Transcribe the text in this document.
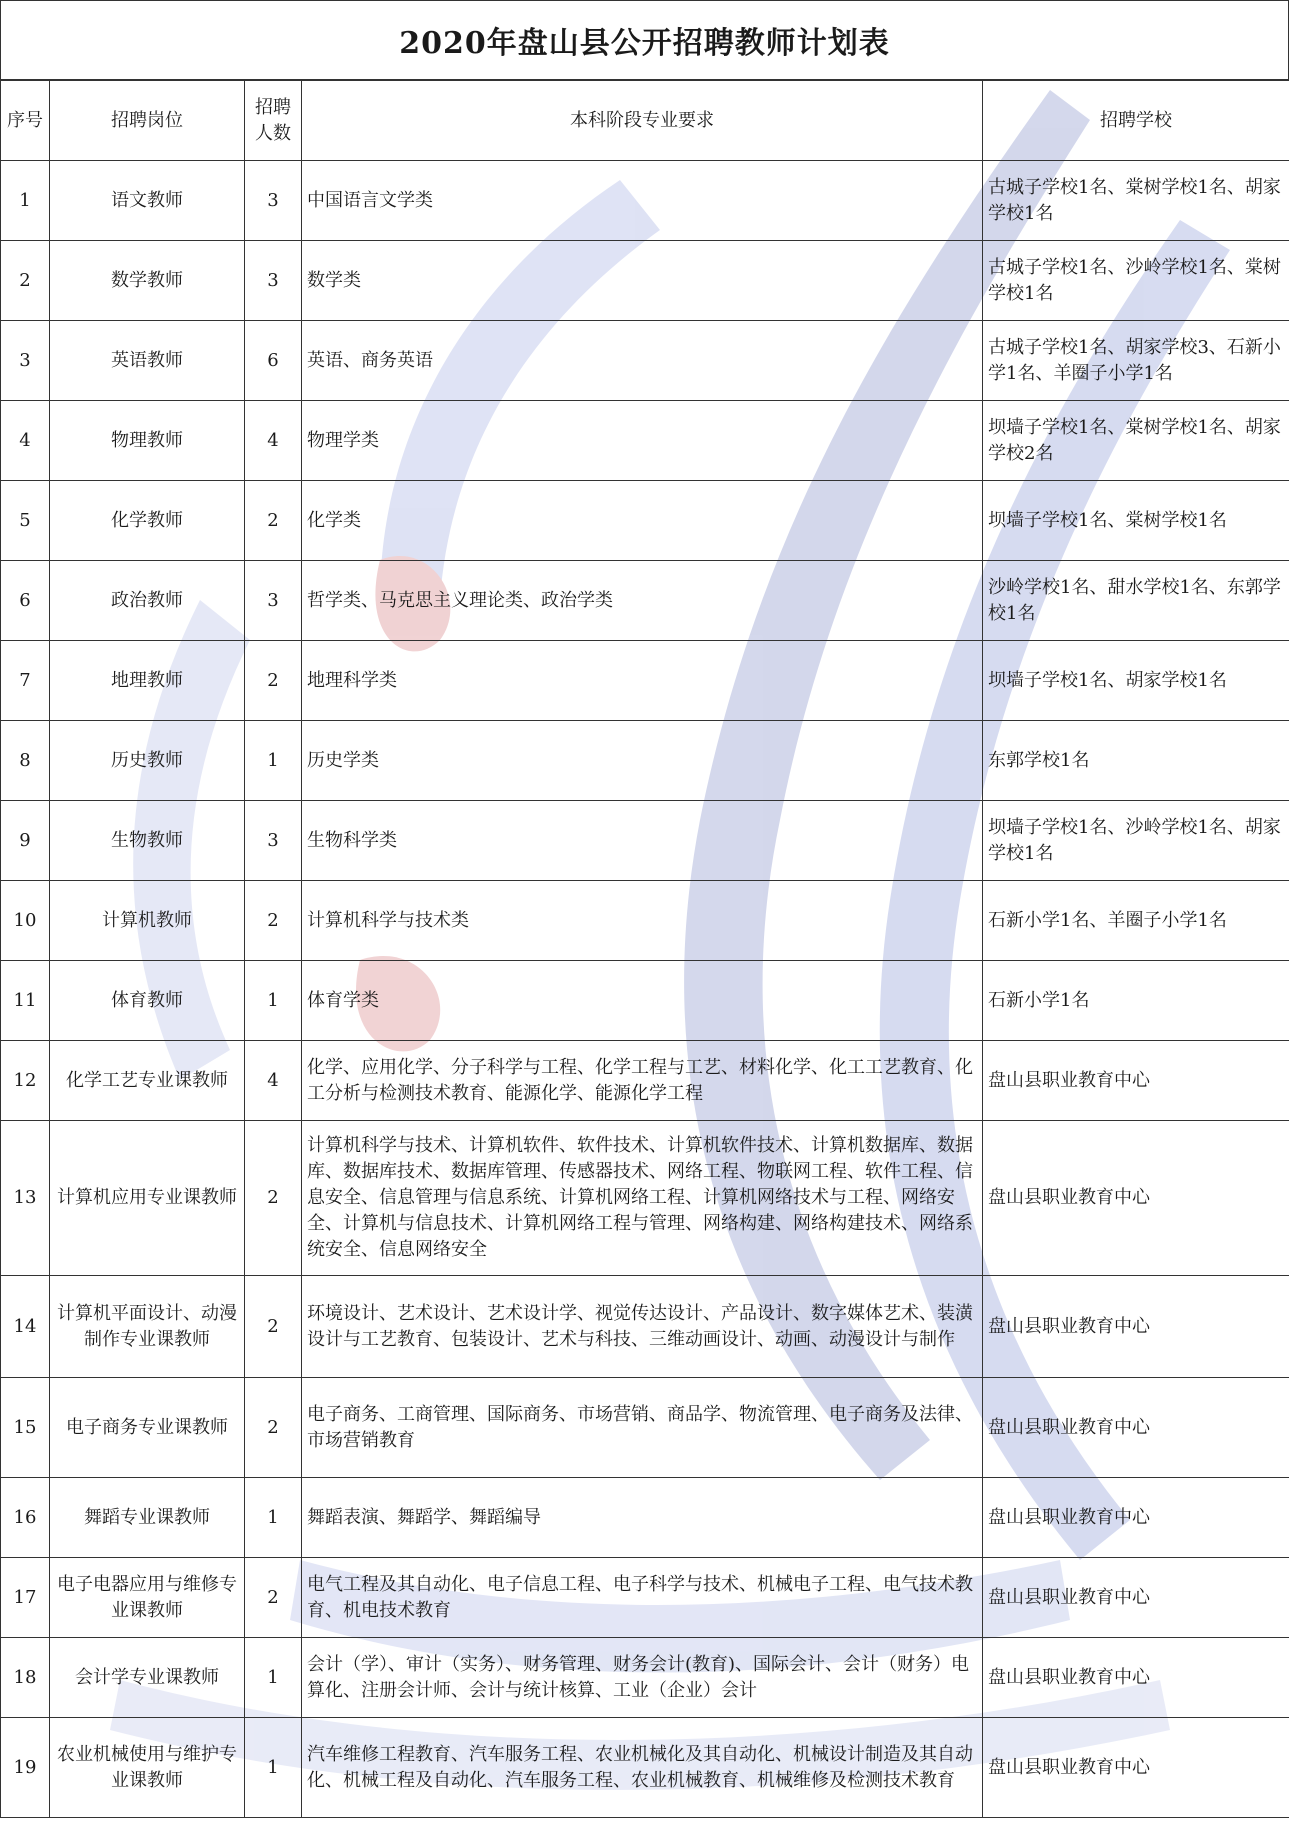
2020年盘山县公开招聘教师计划表
序号	招聘岗位	招聘人数	本科阶段专业要求	招聘学校
1	语文教师	3	中国语言文学类	古城子学校1名、棠树学校1名、胡家学校1名
2	数学教师	3	数学类	古城子学校1名、沙岭学校1名、棠树学校1名
3	英语教师	6	英语、商务英语	古城子学校1名、胡家学校3、石新小学1名、羊圈子小学1名
4	物理教师	4	物理学类	坝墙子学校1名、棠树学校1名、胡家学校2名
5	化学教师	2	化学类	坝墙子学校1名、棠树学校1名
6	政治教师	3	哲学类、马克思主义理论类、政治学类	沙岭学校1名、甜水学校1名、东郭学校1名
7	地理教师	2	地理科学类	坝墙子学校1名、胡家学校1名
8	历史教师	1	历史学类	东郭学校1名
9	生物教师	3	生物科学类	坝墙子学校1名、沙岭学校1名、胡家学校1名
10	计算机教师	2	计算机科学与技术类	石新小学1名、羊圈子小学1名
11	体育教师	1	体育学类	石新小学1名
12	化学工艺专业课教师	4	化学、应用化学、分子科学与工程、化学工程与工艺、材料化学、化工工艺教育、化工分析与检测技术教育、能源化学、能源化学工程	盘山县职业教育中心
13	计算机应用专业课教师	2	计算机科学与技术、计算机软件、软件技术、计算机软件技术、计算机数据库、数据库、数据库技术、数据库管理、传感器技术、网络工程、物联网工程、软件工程、信息安全、信息管理与信息系统、计算机网络工程、计算机网络技术与工程、网络安全、计算机与信息技术、计算机网络工程与管理、网络构建、网络构建技术、网络系统安全、信息网络安全	盘山县职业教育中心
14	计算机平面设计、动漫制作专业课教师	2	环境设计、艺术设计、艺术设计学、视觉传达设计、产品设计、数字媒体艺术、装潢设计与工艺教育、包装设计、艺术与科技、三维动画设计、动画、动漫设计与制作	盘山县职业教育中心
15	电子商务专业课教师	2	电子商务、工商管理、国际商务、市场营销、商品学、物流管理、电子商务及法律、市场营销教育	盘山县职业教育中心
16	舞蹈专业课教师	1	舞蹈表演、舞蹈学、舞蹈编导	盘山县职业教育中心
17	电子电器应用与维修专业课教师	2	电气工程及其自动化、电子信息工程、电子科学与技术、机械电子工程、电气技术教育、机电技术教育	盘山县职业教育中心
18	会计学专业课教师	1	会计（学）、审计（实务）、财务管理、财务会计(教育)、国际会计、会计（财务）电算化、注册会计师、会计与统计核算、工业（企业）会计	盘山县职业教育中心
19	农业机械使用与维护专业课教师	1	汽车维修工程教育、汽车服务工程、农业机械化及其自动化、机械设计制造及其自动化、机械工程及自动化、汽车服务工程、农业机械教育、机械维修及检测技术教育	盘山县职业教育中心
